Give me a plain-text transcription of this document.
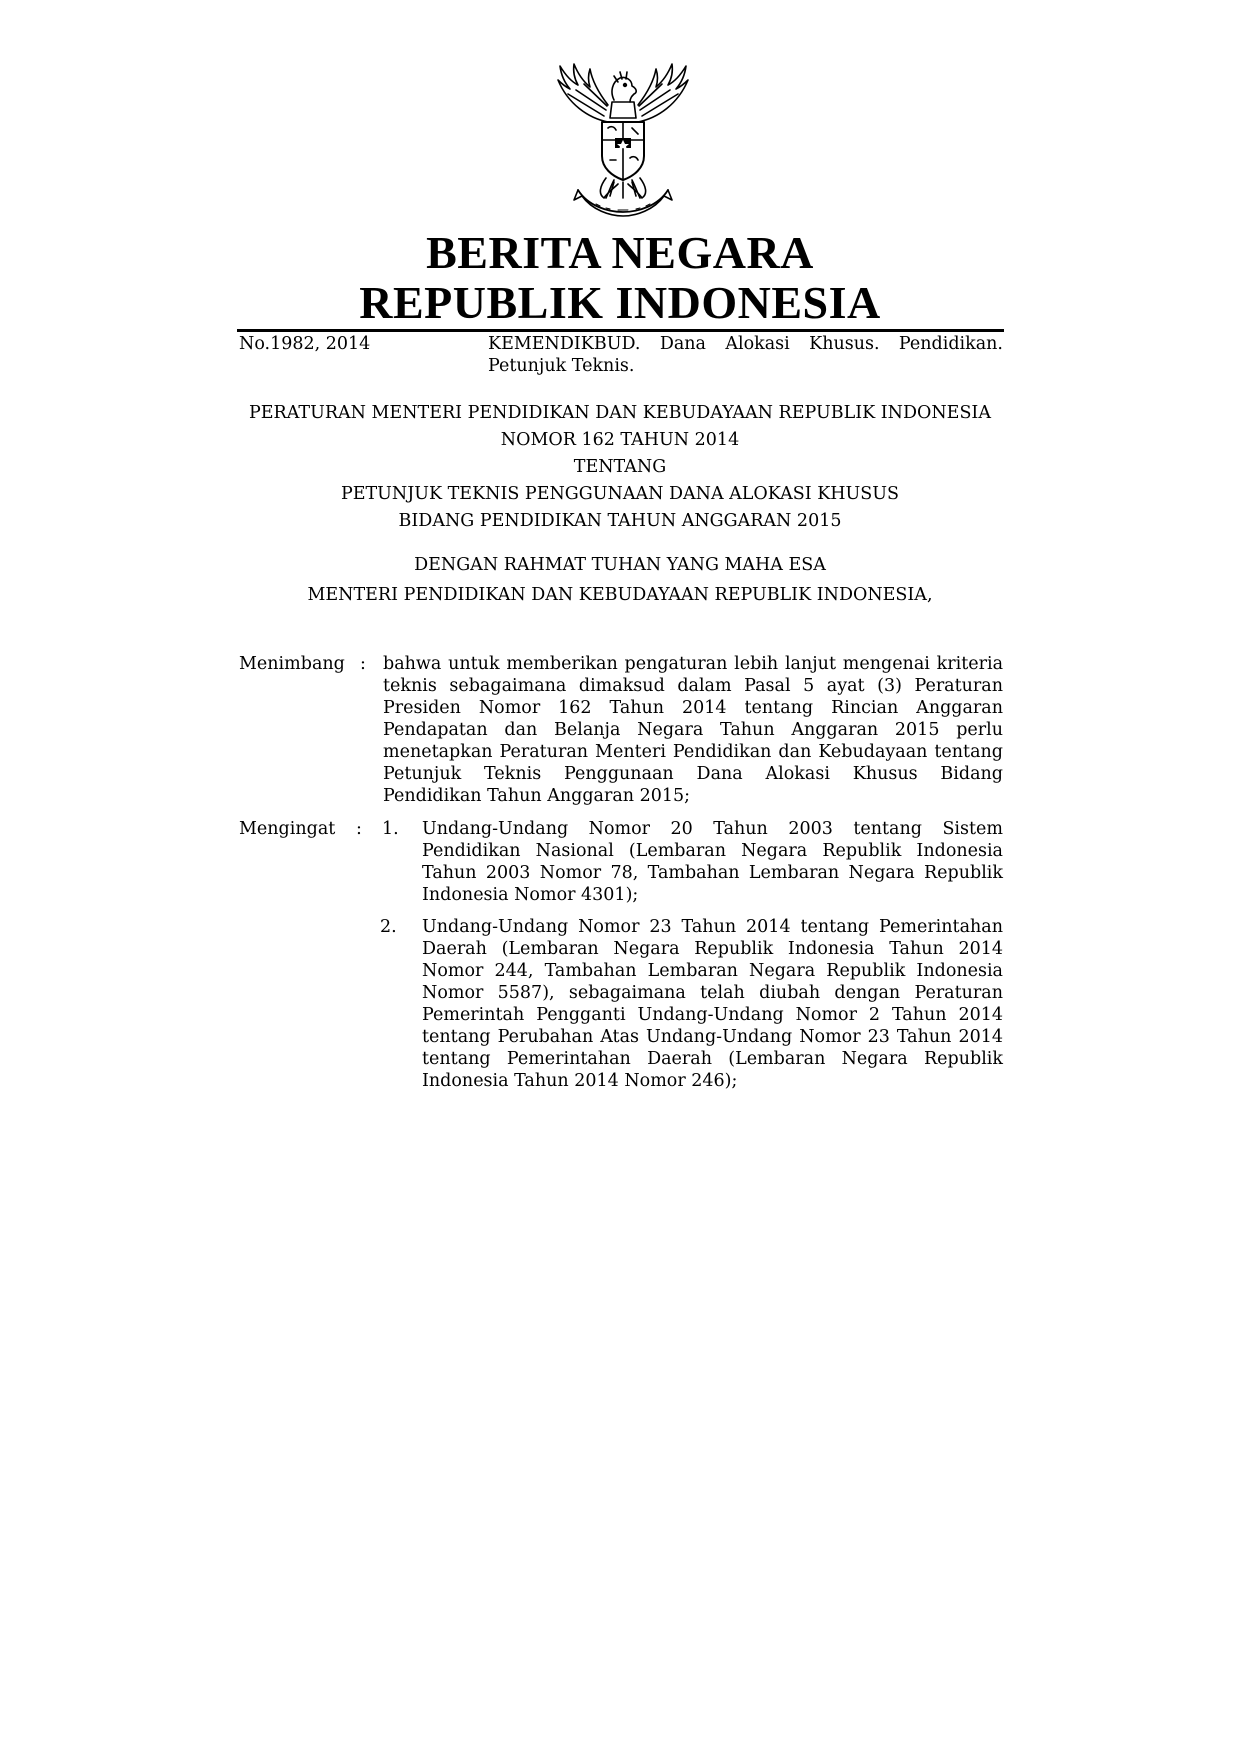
BERITA NEGARA
REPUBLIK INDONESIA
No.1982, 2014	KEMENDIKBUD. Dana Alokasi Khusus. Pendidikan. Petunjuk Teknis.
PERATURAN MENTERI PENDIDIKAN DAN KEBUDAYAAN REPUBLIK INDONESIA
NOMOR 162 TAHUN 2014
TENTANG
PETUNJUK TEKNIS PENGGUNAAN DANA ALOKASI KHUSUS
BIDANG PENDIDIKAN TAHUN ANGGARAN 2015
DENGAN RAHMAT TUHAN YANG MAHA ESA
MENTERI PENDIDIKAN DAN KEBUDAYAAN REPUBLIK INDONESIA,
Menimbang : bahwa untuk memberikan pengaturan lebih lanjut mengenai kriteria teknis sebagaimana dimaksud dalam Pasal 5 ayat (3) Peraturan Presiden Nomor 162 Tahun 2014 tentang Rincian Anggaran Pendapatan dan Belanja Negara Tahun Anggaran 2015 perlu menetapkan Peraturan Menteri Pendidikan dan Kebudayaan tentang Petunjuk Teknis Penggunaan Dana Alokasi Khusus Bidang Pendidikan Tahun Anggaran 2015;
Mengingat : 1. Undang-Undang Nomor 20 Tahun 2003 tentang Sistem Pendidikan Nasional (Lembaran Negara Republik Indonesia Tahun 2003 Nomor 78, Tambahan Lembaran Negara Republik Indonesia Nomor 4301);
2. Undang-Undang Nomor 23 Tahun 2014 tentang Pemerintahan Daerah (Lembaran Negara Republik Indonesia Tahun 2014 Nomor 244, Tambahan Lembaran Negara Republik Indonesia Nomor 5587), sebagaimana telah diubah dengan Peraturan Pemerintah Pengganti Undang-Undang Nomor 2 Tahun 2014 tentang Perubahan Atas Undang-Undang Nomor 23 Tahun 2014 tentang Pemerintahan Daerah (Lembaran Negara Republik Indonesia Tahun 2014 Nomor 246);
